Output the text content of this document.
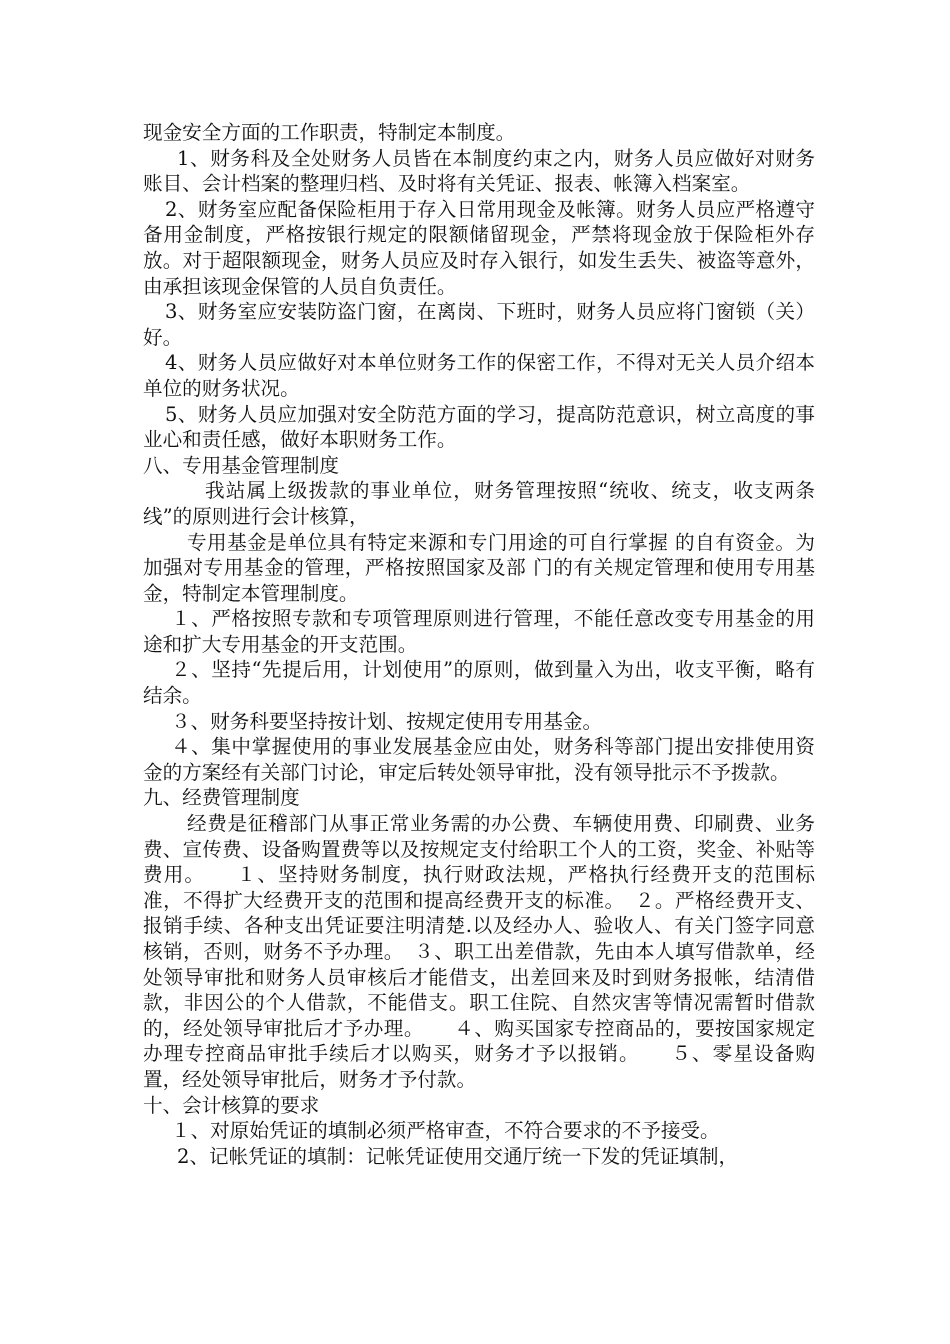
现金安全方面的工作职责，特制定本制度。

1、财务科及全处财务人员皆在本制度约束之内，财务人员应做好对财务账目、会计档案的整理归档、及时将有关凭证、报表、帐簿入档案室。

2、财务室应配备保险柜用于存入日常用现金及帐簿。财务人员应严格遵守备用金制度，严格按银行规定的限额储留现金，严禁将现金放于保险柜外存放。对于超限额现金，财务人员应及时存入银行，如发生丢失、被盗等意外，由承担该现金保管的人员自负责任。

3、财务室应安装防盗门窗，在离岗、下班时，财务人员应将门窗锁（关）好。

4、财务人员应做好对本单位财务工作的保密工作，不得对无关人员介绍本单位的财务状况。

5、财务人员应加强对安全防范方面的学习，提高防范意识，树立高度的事业心和责任感，做好本职财务工作。

八、专用基金管理制度

我站属上级拨款的事业单位，财务管理按照“统收、统支，收支两条线”的原则进行会计核算，

专用基金是单位具有特定来源和专门用途的可自行掌握 的自有资金。为加强对专用基金的管理，严格按照国家及部 门的有关规定管理和使用专用基金，特制定本管理制度。

１、严格按照专款和专项管理原则进行管理，不能任意改变专用基金的用途和扩大专用基金的开支范围。

２、坚持“先提后用，计划使用”的原则，做到量入为出，收支平衡，略有结余。

３、财务科要坚持按计划、按规定使用专用基金。

４、集中掌握使用的事业发展基金应由处，财务科等部门提出安排使用资金的方案经有关部门讨论，审定后转处领导审批，没有领导批示不予拨款。

九、经费管理制度

经费是征稽部门从事正常业务需的办公费、车辆使用费、印刷费、业务费、宣传费、设备购置费等以及按规定支付给职工个人的工资，奖金、补贴等费用。　　１、坚持财务制度，执行财政法规，严格执行经费开支的范围标准，不得扩大经费开支的范围和提高经费开支的标准。　２。严格经费开支、报销手续、各种支出凭证要注明清楚.以及经办人、验收人、有关门签字同意核销，否则，财务不予办理。　３、职工出差借款，先由本人填写借款单，经处领导审批和财务人员审核后才能借支，出差回来及时到财务报帐，结清借款，非因公的个人借款，不能借支。职工住院、自然灾害等情况需暂时借款的，经处领导审批后才予办理。　　４、购买国家专控商品的，要按国家规定办理专控商品审批手续后才以购买，财务才予以报销。　　５、零星设备购置，经处领导审批后，财务才予付款。

十、会计核算的要求

１、对原始凭证的填制必须严格审查，不符合要求的不予接受。

2、记帐凭证的填制：记帐凭证使用交通厅统一下发的凭证填制，
